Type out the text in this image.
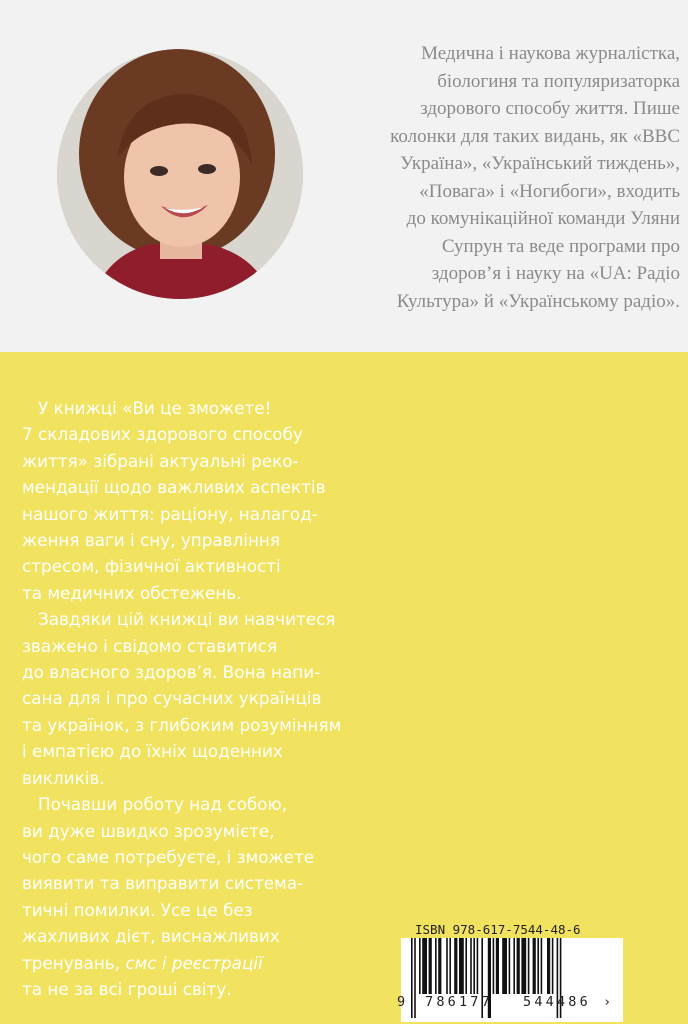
Медична і наукова журналістка,
біологиня та популяризаторка
здорового способу життя. Пише
колонки для таких видань, як «BBC
Україна», «Український тиждень»,
«Повага» і «Ногибоги», входить
до комунікаційної команди Уляни
Супрун та веде програми про
здоров’я і науку на «UA: Радіо
Культура» й «Українському радіо».

У книжці «Ви це зможете!
7 складових здорового способу
життя» зібрані актуальні реко-
мендації щодо важливих аспектів
нашого життя: раціону, налагод-
ження ваги і сну, управління
стресом, фізичної активності
та медичних обстежень.
Завдяки цій книжці ви навчитеся
зважено і свідомо ставитися
до власного здоров’я. Вона напи-
сана для і про сучасних українців
та українок, з глибоким розумінням
і емпатією до їхніх щоденних
викликів.
Почавши роботу над собою,
ви дуже швидко зрозумієте,
чого саме потребуєте, і зможете
виявити та виправити система-
тичні помилки. Усе це без
жахливих дієт, виснажливих
тренувань, смс і реєстрації
та не за всі гроші світу.

ISBN 978-617-7544-48-6

9 786177 544486 ›
